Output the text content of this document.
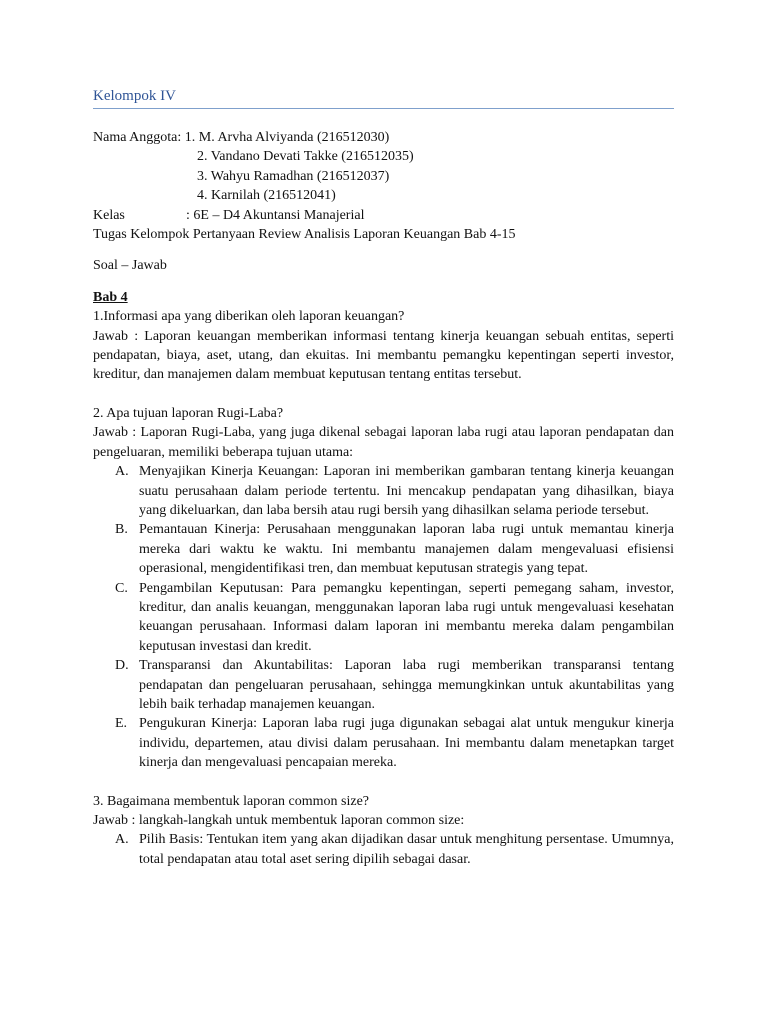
Kelompok IV
Nama Anggota: 1. M. Arvha Alviyanda (216512030)
2. Vandano Devati Takke (216512035)
3. Wahyu Ramadhan (216512037)
4. Karnilah (216512041)
Kelas	: 6E – D4 Akuntansi Manajerial
Tugas Kelompok Pertanyaan Review Analisis Laporan Keuangan Bab 4-15
Soal – Jawab
Bab 4
1.Informasi apa yang diberikan oleh laporan keuangan?
Jawab : Laporan keuangan memberikan informasi tentang kinerja keuangan sebuah entitas, seperti pendapatan, biaya, aset, utang, dan ekuitas. Ini membantu pemangku kepentingan seperti investor, kreditur, dan manajemen dalam membuat keputusan tentang entitas tersebut.
2. Apa tujuan laporan Rugi-Laba?
Jawab : Laporan Rugi-Laba, yang juga dikenal sebagai laporan laba rugi atau laporan pendapatan dan pengeluaran, memiliki beberapa tujuan utama:
A. Menyajikan Kinerja Keuangan: Laporan ini memberikan gambaran tentang kinerja keuangan suatu perusahaan dalam periode tertentu. Ini mencakup pendapatan yang dihasilkan, biaya yang dikeluarkan, dan laba bersih atau rugi bersih yang dihasilkan selama periode tersebut.
B. Pemantauan Kinerja: Perusahaan menggunakan laporan laba rugi untuk memantau kinerja mereka dari waktu ke waktu. Ini membantu manajemen dalam mengevaluasi efisiensi operasional, mengidentifikasi tren, dan membuat keputusan strategis yang tepat.
C. Pengambilan Keputusan: Para pemangku kepentingan, seperti pemegang saham, investor, kreditur, dan analis keuangan, menggunakan laporan laba rugi untuk mengevaluasi kesehatan keuangan perusahaan. Informasi dalam laporan ini membantu mereka dalam pengambilan keputusan investasi dan kredit.
D. Transparansi dan Akuntabilitas: Laporan laba rugi memberikan transparansi tentang pendapatan dan pengeluaran perusahaan, sehingga memungkinkan untuk akuntabilitas yang lebih baik terhadap manajemen keuangan.
E. Pengukuran Kinerja: Laporan laba rugi juga digunakan sebagai alat untuk mengukur kinerja individu, departemen, atau divisi dalam perusahaan. Ini membantu dalam menetapkan target kinerja dan mengevaluasi pencapaian mereka.
3. Bagaimana membentuk laporan common size?
Jawab : langkah-langkah untuk membentuk laporan common size:
A. Pilih Basis: Tentukan item yang akan dijadikan dasar untuk menghitung persentase. Umumnya, total pendapatan atau total aset sering dipilih sebagai dasar.
